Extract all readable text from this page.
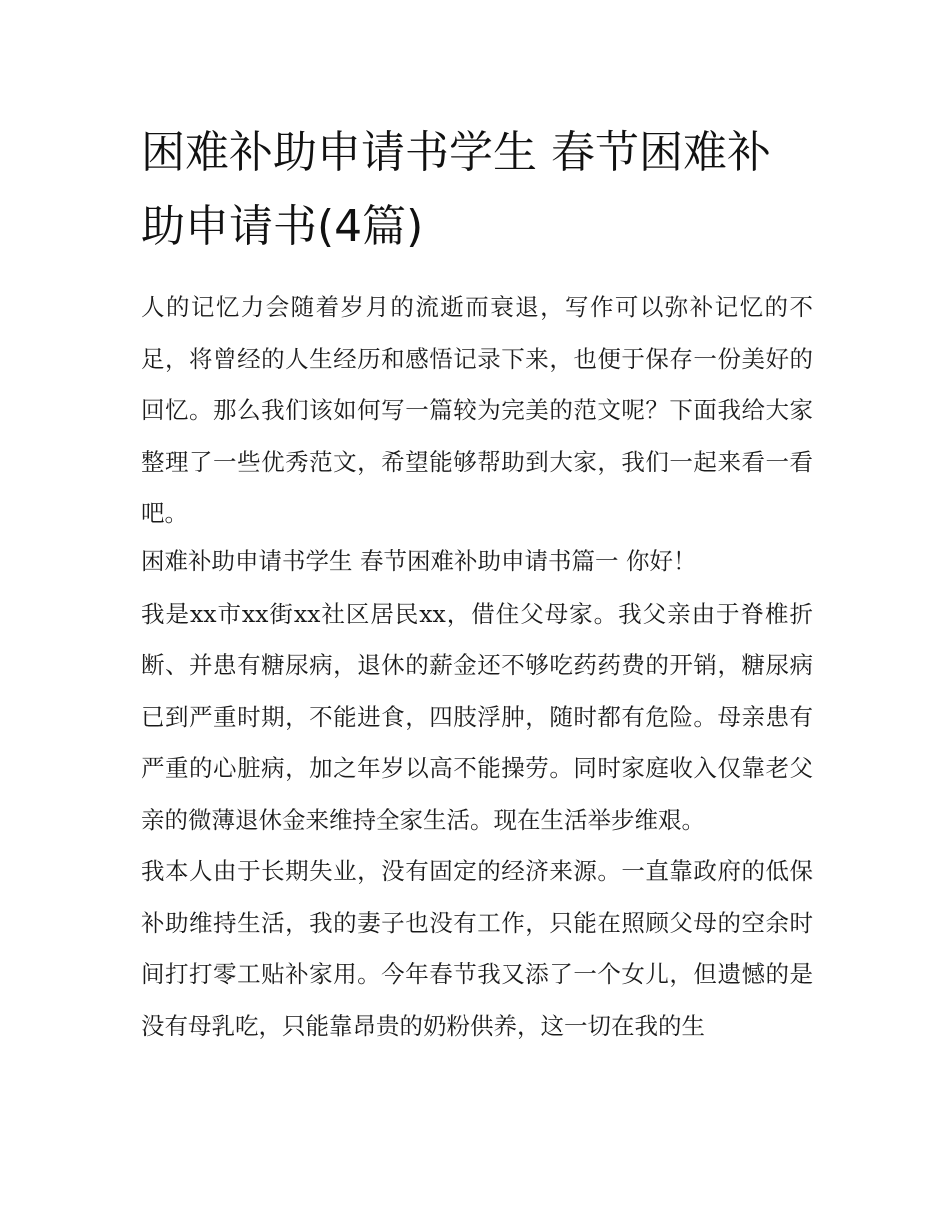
困难补助申请书学生 春节困难补助申请书(4篇)

人的记忆力会随着岁月的流逝而衰退，写作可以弥补记忆的不足，将曾经的人生经历和感悟记录下来，也便于保存一份美好的回忆。那么我们该如何写一篇较为完美的范文呢？下面我给大家整理了一些优秀范文，希望能够帮助到大家，我们一起来看一看吧。

困难补助申请书学生 春节困难补助申请书篇一 你好！

我是xx市xx街xx社区居民xx，借住父母家。我父亲由于脊椎折断、并患有糖尿病，退休的薪金还不够吃药药费的开销，糖尿病已到严重时期，不能进食，四肢浮肿，随时都有危险。母亲患有严重的心脏病，加之年岁以高不能操劳。同时家庭收入仅靠老父亲的微薄退休金来维持全家生活。现在生活举步维艰。

我本人由于长期失业，没有固定的经济来源。一直靠政府的低保补助维持生活，我的妻子也没有工作，只能在照顾父母的空余时间打打零工贴补家用。今年春节我又添了一个女儿，但遗憾的是没有母乳吃，只能靠昂贵的奶粉供养，这一切在我的生
